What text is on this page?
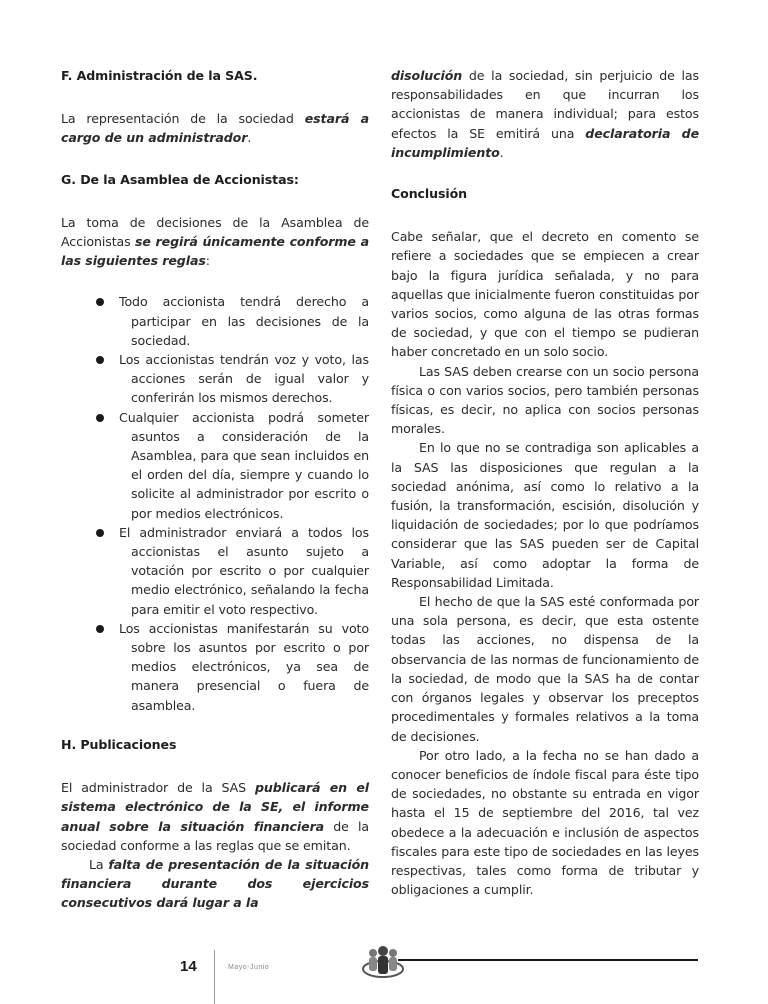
F. Administración de la SAS.

La representación de la sociedad estará a cargo de un administrador.

G. De la Asamblea de Accionistas:

La toma de decisiones de la Asamblea de Accionistas se regirá únicamente conforme a las siguientes reglas:

Todo accionista tendrá derecho a participar en las decisiones de la sociedad.
Los accionistas tendrán voz y voto, las acciones serán de igual valor y conferirán los mismos derechos.
Cualquier accionista podrá someter asuntos a consideración de la Asamblea, para que sean incluidos en el orden del día, siempre y cuando lo solicite al administrador por escrito o por medios electrónicos.
El administrador enviará a todos los accionistas el asunto sujeto a votación por escrito o por cualquier medio electrónico, señalando la fecha para emitir el voto respectivo.
Los accionistas manifestarán su voto sobre los asuntos por escrito o por medios electrónicos, ya sea de manera presencial o fuera de asamblea.

H. Publicaciones

El administrador de la SAS publicará en el sistema electrónico de la SE, el informe anual sobre la situación financiera de la sociedad conforme a las reglas que se emitan.

La falta de presentación de la situación financiera durante dos ejercicios consecutivos dará lugar a la

disolución de la sociedad, sin perjuicio de las responsabilidades en que incurran los accionistas de manera individual; para estos efectos la SE emitirá una declaratoria de incumplimiento.

Conclusión

Cabe señalar, que el decreto en comento se refiere a sociedades que se empiecen a crear bajo la figura jurídica señalada, y no para aquellas que inicialmente fueron constituidas por varios socios, como alguna de las otras formas de sociedad, y que con el tiempo se pudieran haber concretado en un solo socio.

Las SAS deben crearse con un socio persona física o con varios socios, pero también personas físicas, es decir, no aplica con socios personas morales.

En lo que no se contradiga son aplicables a la SAS las disposiciones que regulan a la sociedad anónima, así como lo relativo a la fusión, la transformación, escisión, disolución y liquidación de sociedades; por lo que podríamos considerar que las SAS pueden ser de Capital Variable, así como adoptar la forma de Responsabilidad Limitada.

El hecho de que la SAS esté conformada por una sola persona, es decir, que esta ostente todas las acciones, no dispensa de la observancia de las normas de funcionamiento de la sociedad, de modo que la SAS ha de contar con órganos legales y observar los preceptos procedimentales y formales relativos a la toma de decisiones.

Por otro lado, a la fecha no se han dado a conocer beneficios de índole fiscal para éste tipo de sociedades, no obstante su entrada en vigor hasta el 15 de septiembre del 2016, tal vez obedece a la adecuación e inclusión de aspectos fiscales para este tipo de sociedades en las leyes respectivas, tales como forma de tributar y obligaciones a cumplir.

14	Mayo-Junio
